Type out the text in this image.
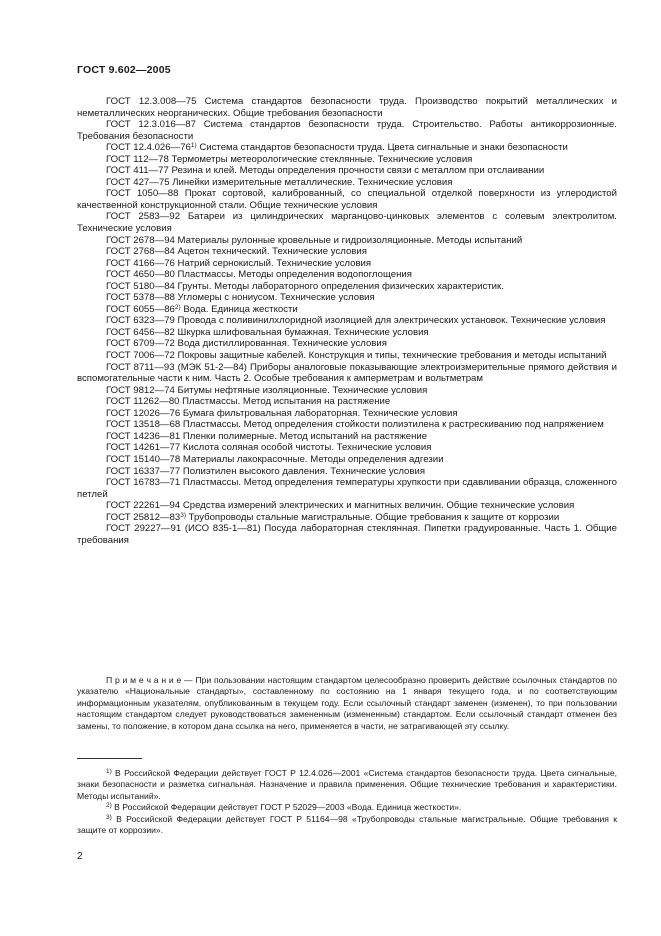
ГОСТ 9.602—2005

ГОСТ 12.3.008—75 Система стандартов безопасности труда. Производство покрытий металлических и неметаллических неорганических. Общие требования безопасности

ГОСТ 12.3.016—87 Система стандартов безопасности труда. Строительство. Работы антикоррозионные. Требования безопасности

ГОСТ 12.4.026—76$^{1)}$ Система стандартов безопасности труда. Цвета сигнальные и знаки безопасности

ГОСТ 112—78 Термометры метеорологические стеклянные. Технические условия

ГОСТ 411—77 Резина и клей. Методы определения прочности связи с металлом при отслаивании

ГОСТ 427—75 Линейки измерительные металлические. Технические условия

ГОСТ 1050—88 Прокат сортовой, калиброванный, со специальной отделкой поверхности из углеродистой качественной конструкционной стали. Общие технические условия

ГОСТ 2583—92 Батареи из цилиндрических марганцово-цинковых элементов с солевым электролитом. Технические условия

ГОСТ 2678—94 Материалы рулонные кровельные и гидроизоляционные. Методы испытаний

ГОСТ 2768—84 Ацетон технический. Технические условия

ГОСТ 4166—76 Натрий сернокислый. Технические условия

ГОСТ 4650—80 Пластмассы. Методы определения водопоглощения

ГОСТ 5180—84 Грунты. Методы лабораторного определения физических характеристик.

ГОСТ 5378—88 Угломеры с нониусом. Технические условия

ГОСТ 6055—86$^{2)}$ Вода. Единица жесткости

ГОСТ 6323—79 Провода с поливинилхлоридной изоляцией для электрических установок. Технические условия

ГОСТ 6456—82 Шкурка шлифовальная бумажная. Технические условия

ГОСТ 6709—72 Вода дистиллированная. Технические условия

ГОСТ 7006—72 Покровы защитные кабелей. Конструкция и типы, технические требования и методы испытаний

ГОСТ 8711—93 (МЭК 51-2—84) Приборы аналоговые показывающие электроизмерительные прямого действия и вспомогательные части к ним. Часть 2. Особые требования к амперметрам и вольтметрам

ГОСТ 9812—74 Битумы нефтяные изоляционные. Технические условия

ГОСТ 11262—80 Пластмассы. Метод испытания на растяжение

ГОСТ 12026—76 Бумага фильтровальная лабораторная. Технические условия

ГОСТ 13518—68 Пластмассы. Метод определения стойкости полиэтилена к растрескиванию под напряжением

ГОСТ 14236—81 Пленки полимерные. Метод испытаний на растяжение

ГОСТ 14261—77 Кислота соляная особой чистоты. Технические условия

ГОСТ 15140—78 Материалы лакокрасочные. Методы определения адгезии

ГОСТ 16337—77 Полиэтилен высокого давления. Технические условия

ГОСТ 16783—71 Пластмассы. Метод определения температуры хрупкости при сдавливании образца, сложенного петлей

ГОСТ 22261—94 Средства измерений электрических и магнитных величин. Общие технические условия

ГОСТ 25812—83$^{3)}$ Трубопроводы стальные магистральные. Общие требования к защите от коррозии

ГОСТ 29227—91 (ИСО 835-1—81) Посуда лабораторная стеклянная. Пипетки градуированные. Часть 1. Общие требования

П р и м е ч а н и е — При пользовании настоящим стандартом целесообразно проверить действие ссылочных стандартов по указателю «Национальные стандарты», составленному по состоянию на 1 января текущего года, и по соответствующим информационным указателям, опубликованным в текущем году. Если ссылочный стандарт заменен (изменен), то при пользовании настоящим стандартом следует руководствоваться замененным (измененным) стандартом. Если ссылочный стандарт отменен без замены, то положение, в котором дана ссылка на него, применяется в части, не затрагивающей эту ссылку.

$^{1)}$ В Российской Федерации действует ГОСТ Р 12.4.026—2001 «Система стандартов безопасности труда. Цвета сигнальные, знаки безопасности и разметка сигнальная. Назначение и правила применения. Общие технические требования и характеристики. Методы испытаний».

$^{2)}$ В Российской Федерации действует ГОСТ Р 52029—2003 «Вода. Единица жесткости».

$^{3)}$ В Российской Федерации действует ГОСТ Р 51164—98 «Трубопроводы стальные магистральные. Общие требования к защите от коррозии».

2
